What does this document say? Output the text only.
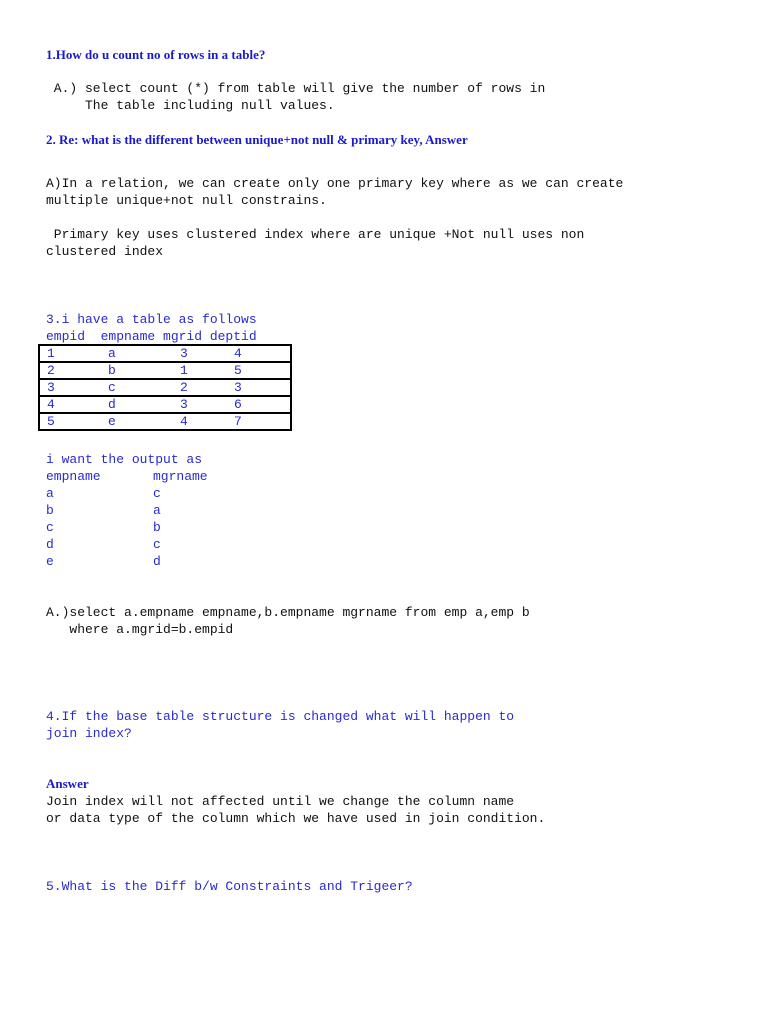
1.How do u count no of rows in a table?
A.) select count (*) from table will give the number of rows in
The table including null values.
2. Re: what is the different between unique+not null & primary key, Answer
A)In a relation, we can create only one primary key where as we can create
multiple unique+not null constrains.
Primary key uses clustered index where are unique +Not null uses non
clustered index
3.i have a table as follows
empid  empname mgrid deptid
1	a	3	4
2	b	1	5
3	c	2	3
4	d	3	6
5	e	4	7
i want the output as
empname	mgrname
a	c
b	a
c	b
d	c
e	d
A.)select a.empname empname,b.empname mgrname from emp a,emp b
where a.mgrid=b.empid
4.If the base table structure is changed what will happen to
join index?
Answer
Join index will not affected until we change the column name
or data type of the column which we have used in join condition.
5.What is the Diff b/w Constraints and Trigeer?
